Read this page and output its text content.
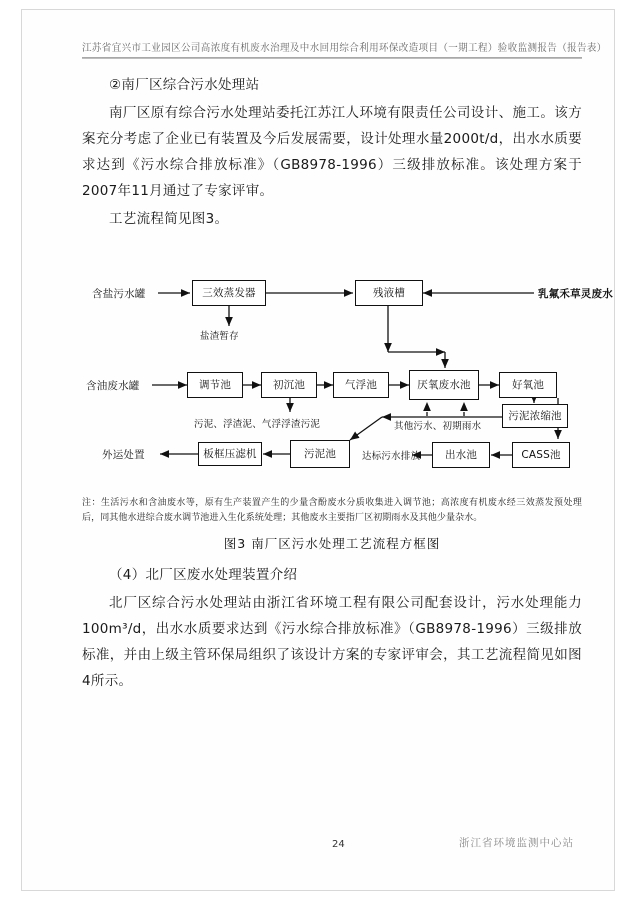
江苏省宜兴市工业园区公司高浓度有机废水治理及中水回用综合利用环保改造项目（一期工程）验收监测报告（报告表）

②南厂区综合污水处理站

南厂区原有综合污水处理站委托江苏江人环境有限责任公司设计、施工。该方案充分考虑了企业已有装置及今后发展需要，设计处理水量2000t/d，出水水质要求达到《污水综合排放标准》（GB8978-1996）三级排放标准。该处理方案于2007年11月通过了专家评审。

工艺流程简见图3。

含盐污水罐	三效蒸发器	残液槽	乳氟禾草灵废水
盐渣暂存
含油废水罐	调节池	初沉池	气浮池	厌氧废水池	好氧池
其他污水、初期雨水
污泥池
板框压滤机
外运处置	出水池	CASS池
污泥浓缩池
污泥、浮渣泥、气浮浮渣污泥
达标污水排放

注：生活污水和含油废水等，原有生产装置产生的少量含酚废水分质收集进入调节池；高浓度有机废水经三效蒸发预处理后，同其他水进综合废水调节池进入生化系统处理；其他废水主要指厂区初期雨水及其他少量杂水。

图3 南厂区污水处理工艺流程方框图

（4）北厂区废水处理装置介绍

北厂区综合污水处理站由浙江省环境工程有限公司配套设计，污水处理能力100m³/d，出水水质要求达到《污水综合排放标准》（GB8978-1996）三级排放标准，并由上级主管环保局组织了该设计方案的专家评审会，其工艺流程简见如图4所示。

24	浙江省环境监测中心站
